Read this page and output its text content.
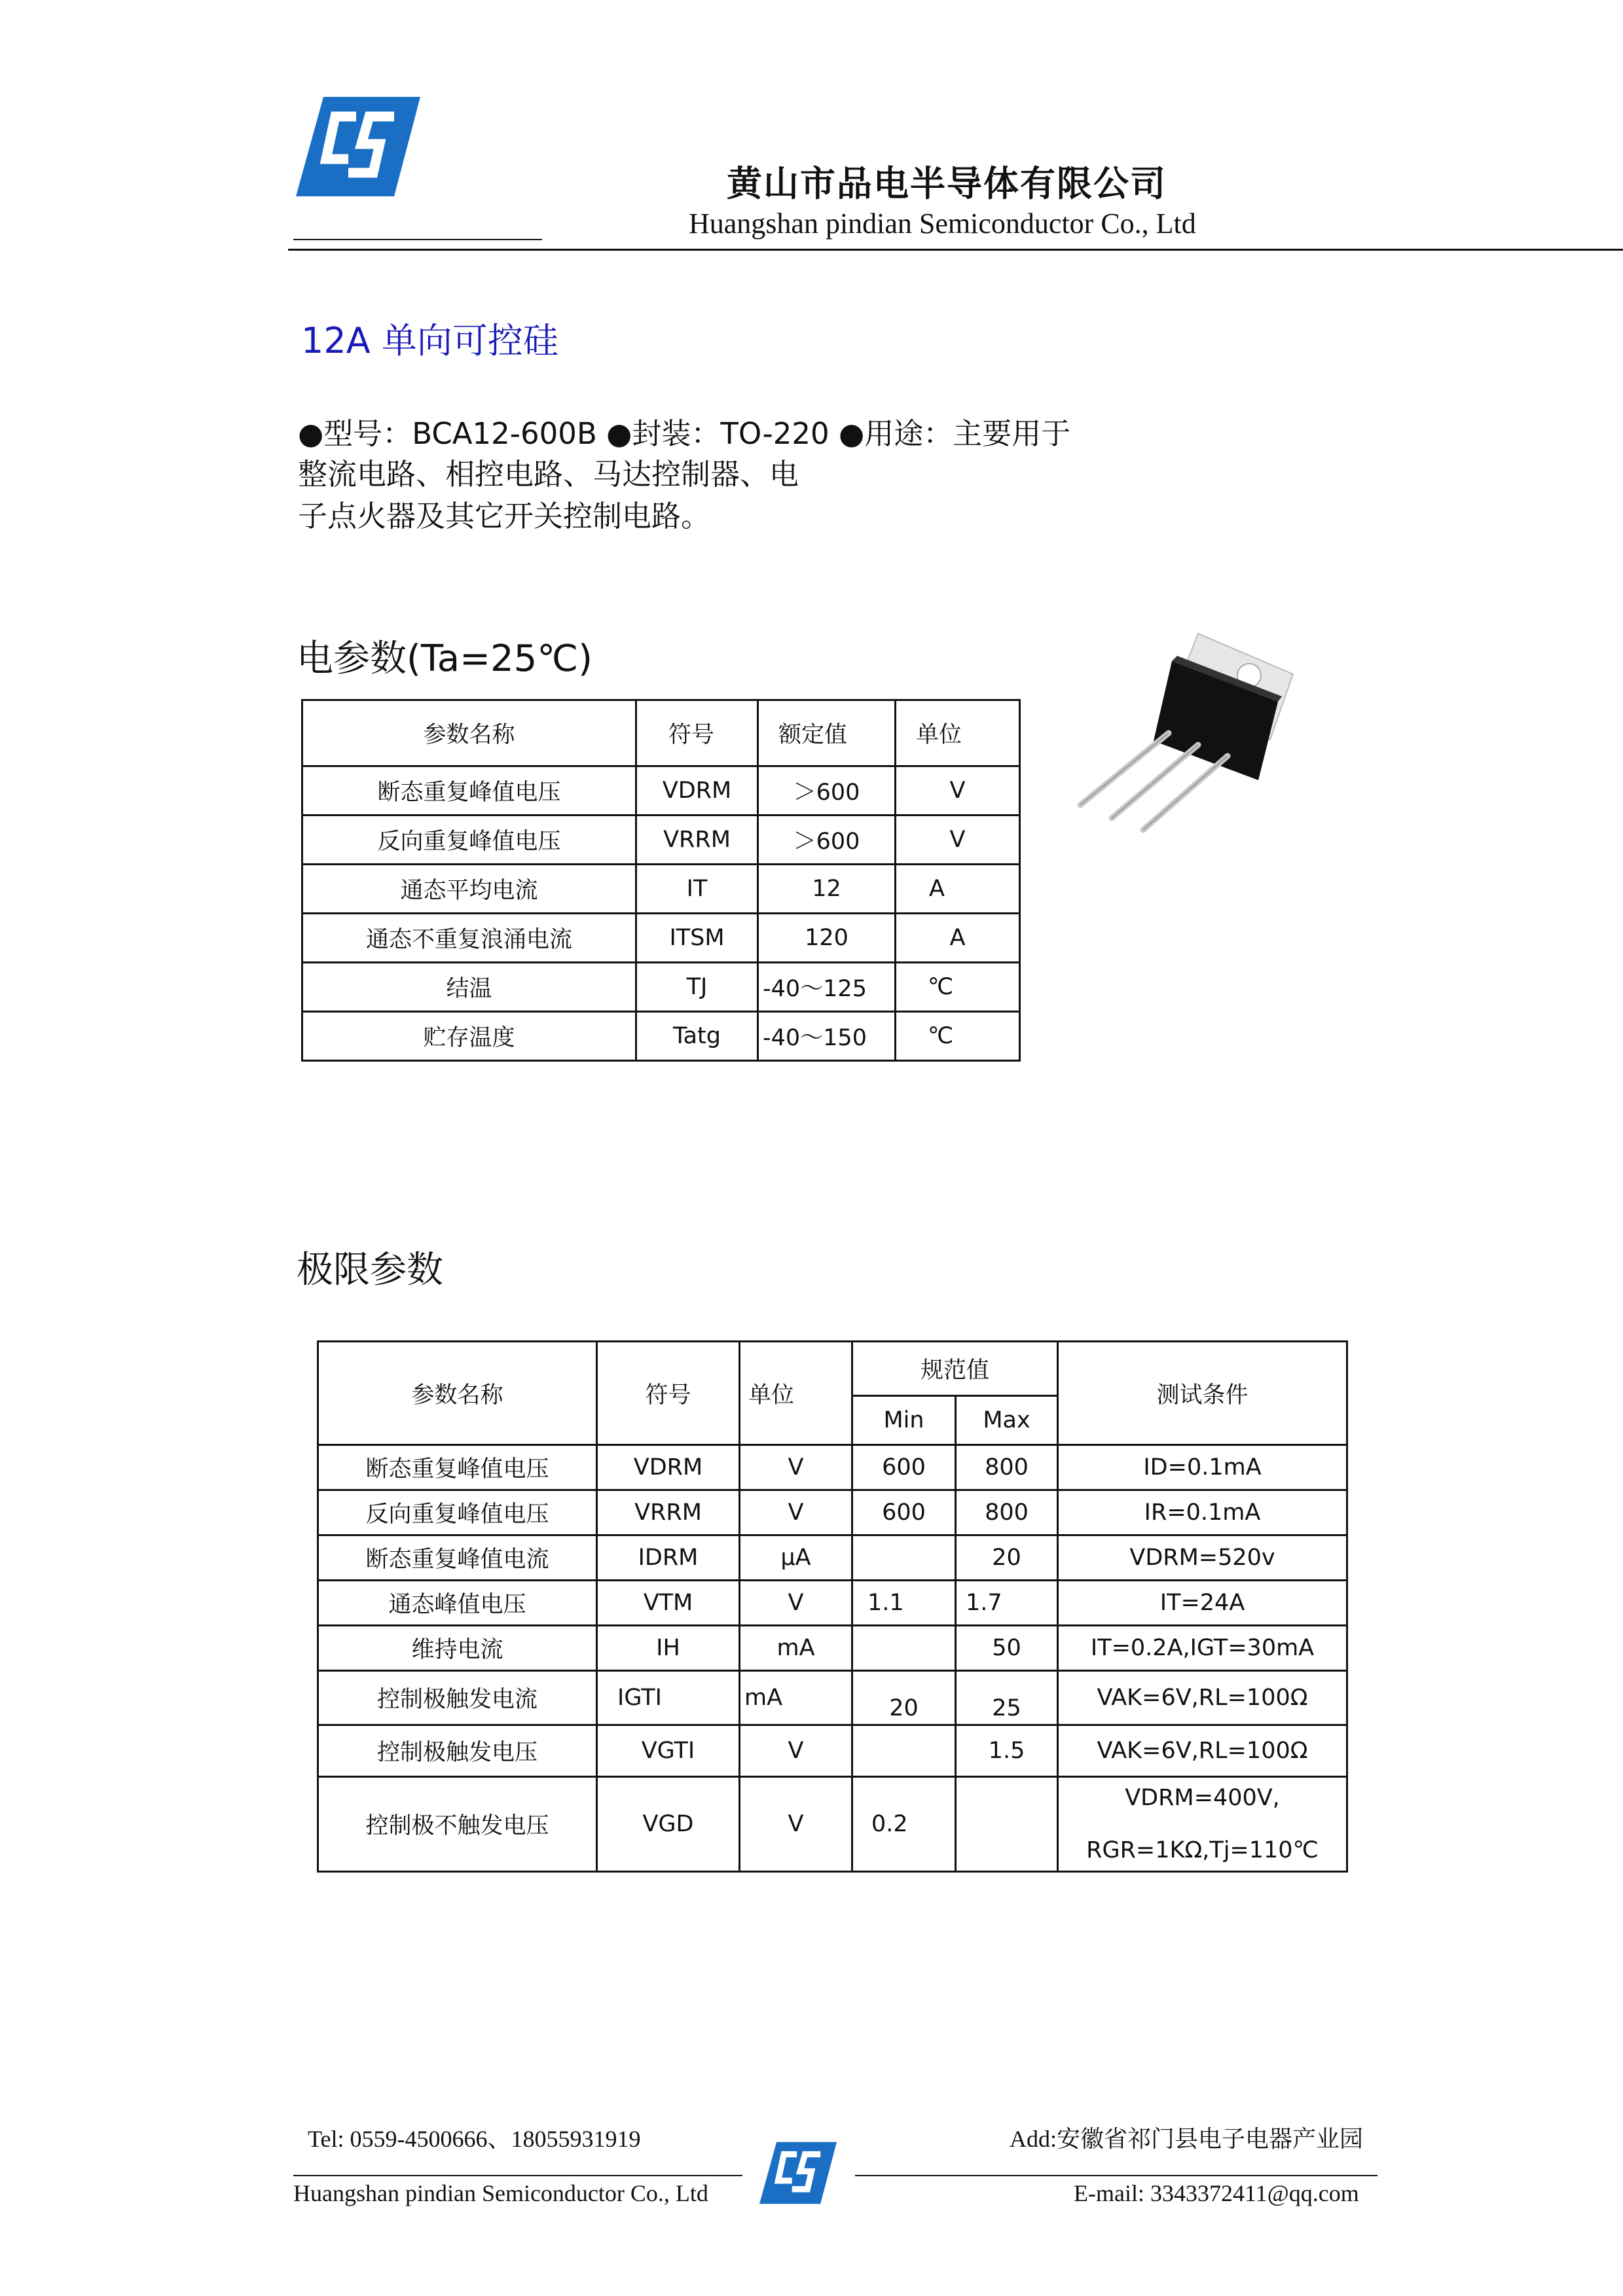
黄山市品电半导体有限公司
Huangshan pindian Semiconductor Co., Ltd
12A 单向可控硅
●型号：BCA12-600B ●封装：TO-220 ●用途：主要用于
整流电路、相控电路、马达控制器、电
子点火器及其它开关控制电路。
电参数(Ta=25℃)
参数名称	符号	额定值	单位
断态重复峰值电压	VDRM	＞600	V
反向重复峰值电压	VRRM	＞600	V
通态平均电流	IT	12	A
通态不重复浪涌电流	ITSM	120	A
结温	TJ	-40～125	℃
贮存温度	Tatg	-40～150	℃
极限参数
参数名称	符号	单位	规范值		测试条件
			Min	Max	
断态重复峰值电压	VDRM	V	600	800	ID=0.1mA
反向重复峰值电压	VRRM	V	600	800	IR=0.1mA
断态重复峰值电流	IDRM	μA		20	VDRM=520v
通态峰值电压	VTM	V	1.1	1.7	IT=24A
维持电流	IH	mA		50	IT=0.2A,IGT=30mA
控制极触发电流	IGTI	mA	20	25	VAK=6V,RL=100Ω
控制极触发电压	VGTI	V		1.5	VAK=6V,RL=100Ω
控制极不触发电压	VGD	V	0.2		VDRM=400V,
RGR=1KΩ,Tj=110℃
Tel: 0559-4500666、18055931919	Add:安徽省祁门县电子电器产业园
Huangshan pindian Semiconductor Co., Ltd	E-mail: 3343372411@qq.com
